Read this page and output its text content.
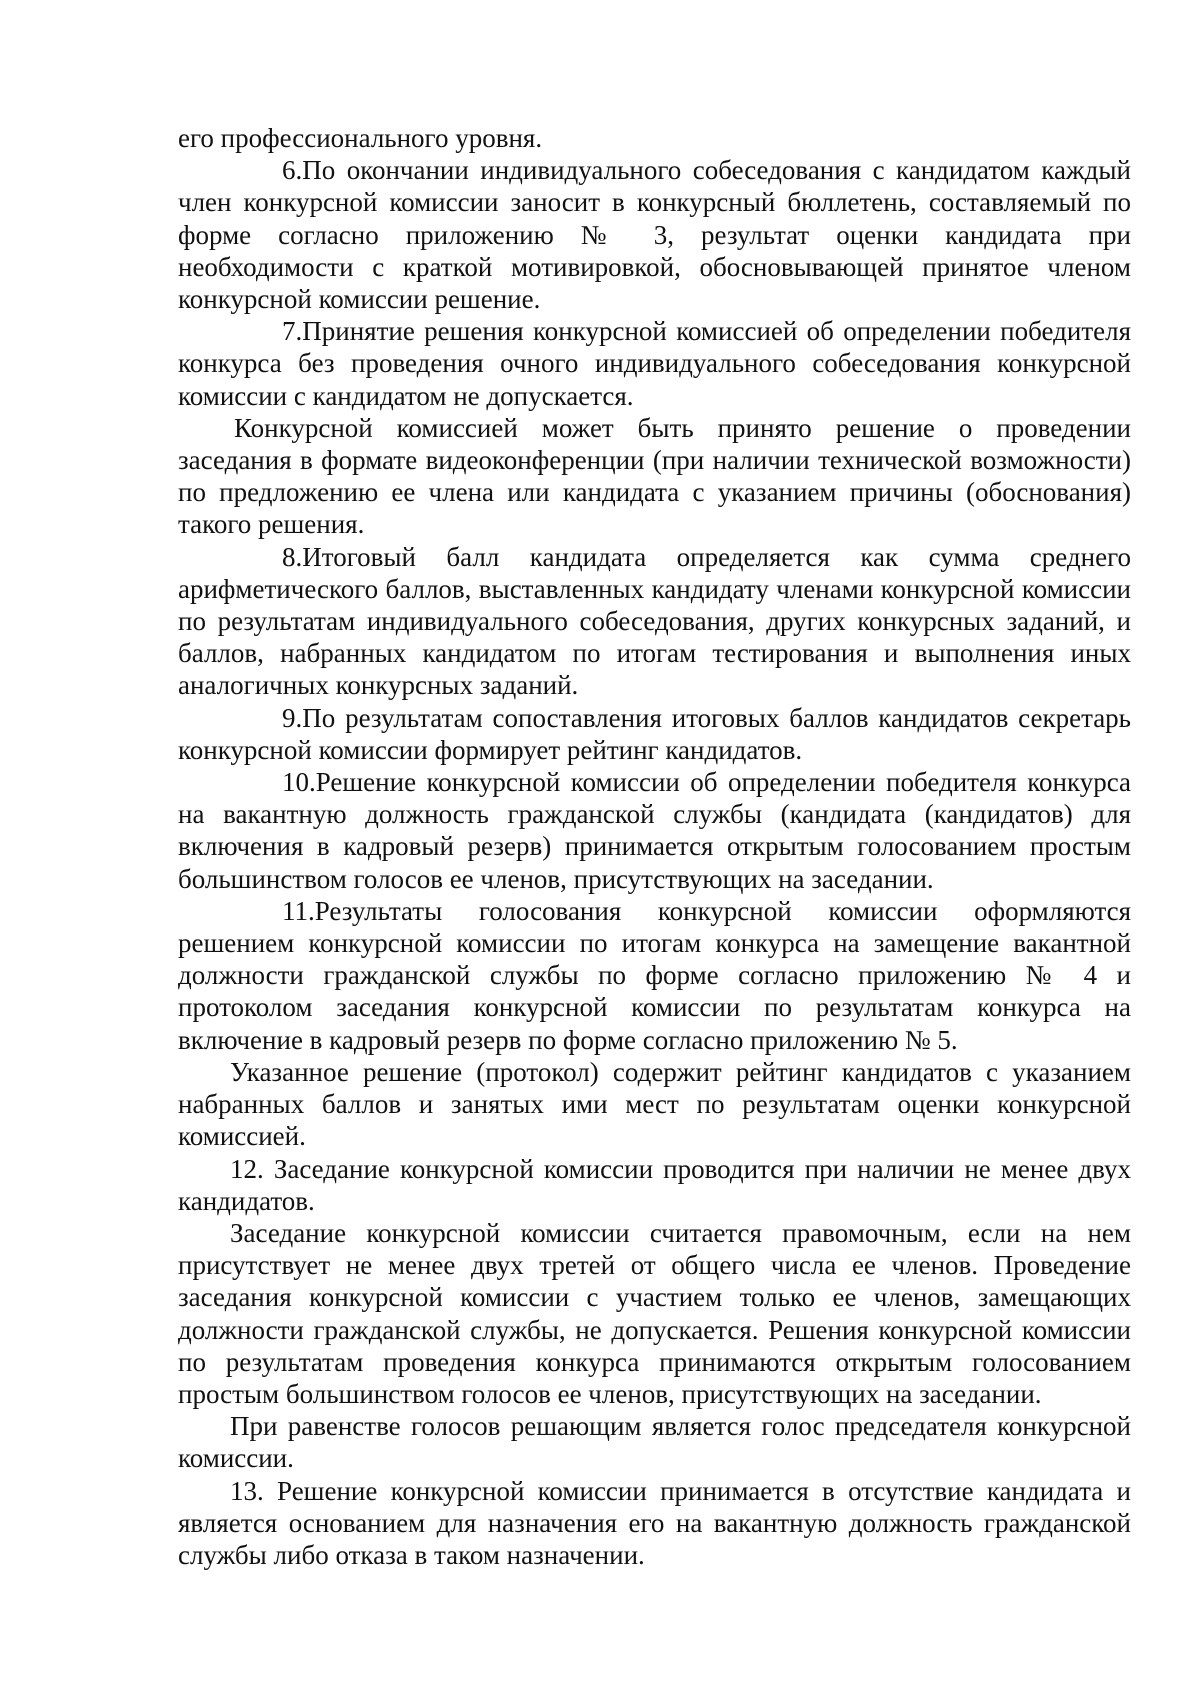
его профессионального уровня.

6.По окончании индивидуального собеседования с кандидатом каждый член конкурсной комиссии заносит в конкурсный бюллетень, составляемый по форме согласно приложению № 3, результат оценки кандидата при необходимости с краткой мотивировкой, обосновывающей принятое членом конкурсной комиссии решение.

7.Принятие решения конкурсной комиссией об определении победителя конкурса без проведения очного индивидуального собеседования конкурсной комиссии с кандидатом не допускается.

Конкурсной комиссией может быть принято решение о проведении заседания в формате видеоконференции (при наличии технической возможности) по предложению ее члена или кандидата с указанием причины (обоснования) такого решения.

8.Итоговый балл кандидата определяется как сумма среднего арифметического баллов, выставленных кандидату членами конкурсной комиссии по результатам индивидуального собеседования, других конкурсных заданий, и баллов, набранных кандидатом по итогам тестирования и выполнения иных аналогичных конкурсных заданий.

9.По результатам сопоставления итоговых баллов кандидатов секретарь конкурсной комиссии формирует рейтинг кандидатов.

10.Решение конкурсной комиссии об определении победителя конкурса на вакантную должность гражданской службы (кандидата (кандидатов) для включения в кадровый резерв) принимается открытым голосованием простым большинством голосов ее членов, присутствующих на заседании.

11.Результаты голосования конкурсной комиссии оформляются решением конкурсной комиссии по итогам конкурса на замещение вакантной должности гражданской службы по форме согласно приложению № 4 и протоколом заседания конкурсной комиссии по результатам конкурса на включение в кадровый резерв по форме согласно приложению № 5.

Указанное решение (протокол) содержит рейтинг кандидатов с указанием набранных баллов и занятых ими мест по результатам оценки конкурсной комиссией.

12. Заседание конкурсной комиссии проводится при наличии не менее двух кандидатов.

Заседание конкурсной комиссии считается правомочным, если на нем присутствует не менее двух третей от общего числа ее членов. Проведение заседания конкурсной комиссии с участием только ее членов, замещающих должности гражданской службы, не допускается. Решения конкурсной комиссии по результатам проведения конкурса принимаются открытым голосованием простым большинством голосов ее членов, присутствующих на заседании.

При равенстве голосов решающим является голос председателя конкурсной комиссии.

13. Решение конкурсной комиссии принимается в отсутствие кандидата и является основанием для назначения его на вакантную должность гражданской службы либо отказа в таком назначении.
